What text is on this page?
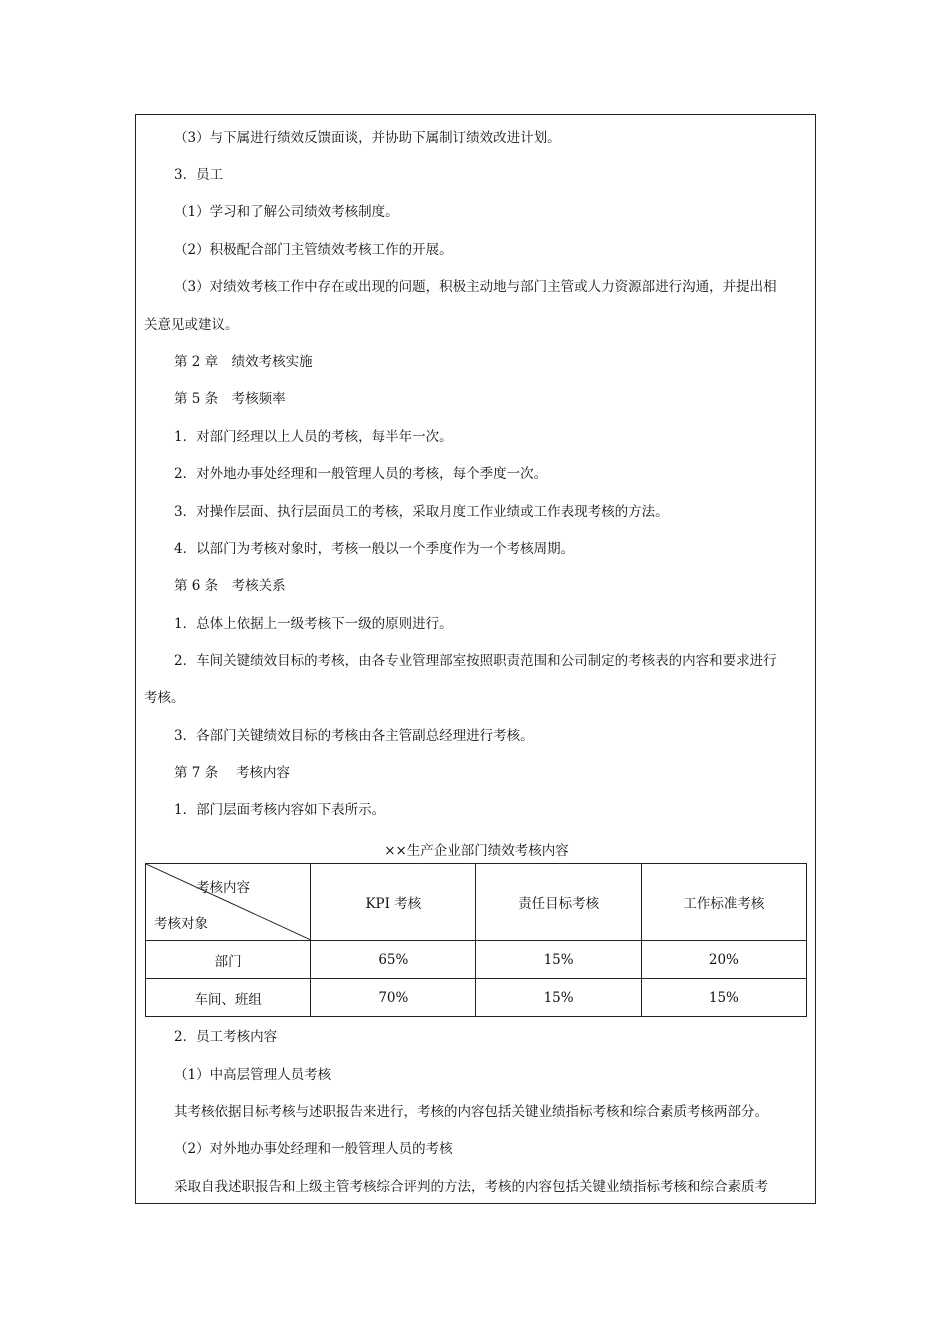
（3）与下属进行绩效反馈面谈，并协助下属制订绩效改进计划。
3．员工
（1）学习和了解公司绩效考核制度。
（2）积极配合部门主管绩效考核工作的开展。
（3）对绩效考核工作中存在或出现的问题，积极主动地与部门主管或人力资源部进行沟通，并提出相
关意见或建议。
第 2 章　绩效考核实施
第 5 条　考核频率
1．对部门经理以上人员的考核，每半年一次。
2．对外地办事处经理和一般管理人员的考核，每个季度一次。
3．对操作层面、执行层面员工的考核，采取月度工作业绩或工作表现考核的方法。
4．以部门为考核对象时，考核一般以一个季度作为一个考核周期。
第 6 条　考核关系
1．总体上依据上一级考核下一级的原则进行。
2．车间关键绩效目标的考核，由各专业管理部室按照职责范围和公司制定的考核表的内容和要求进行
考核。
3．各部门关键绩效目标的考核由各主管副总经理进行考核。
第 7 条　 考核内容
1．部门层面考核内容如下表所示。
××生产企业部门绩效考核内容
考核内容
考核对象	KPI 考核	责任目标考核	工作标准考核
部门	65%	15%	20%
车间、班组	70%	15%	15%
2．员工考核内容
（1）中高层管理人员考核
其考核依据目标考核与述职报告来进行，考核的内容包括关键业绩指标考核和综合素质考核两部分。
（2）对外地办事处经理和一般管理人员的考核
采取自我述职报告和上级主管考核综合评判的方法，考核的内容包括关键业绩指标考核和综合素质考
